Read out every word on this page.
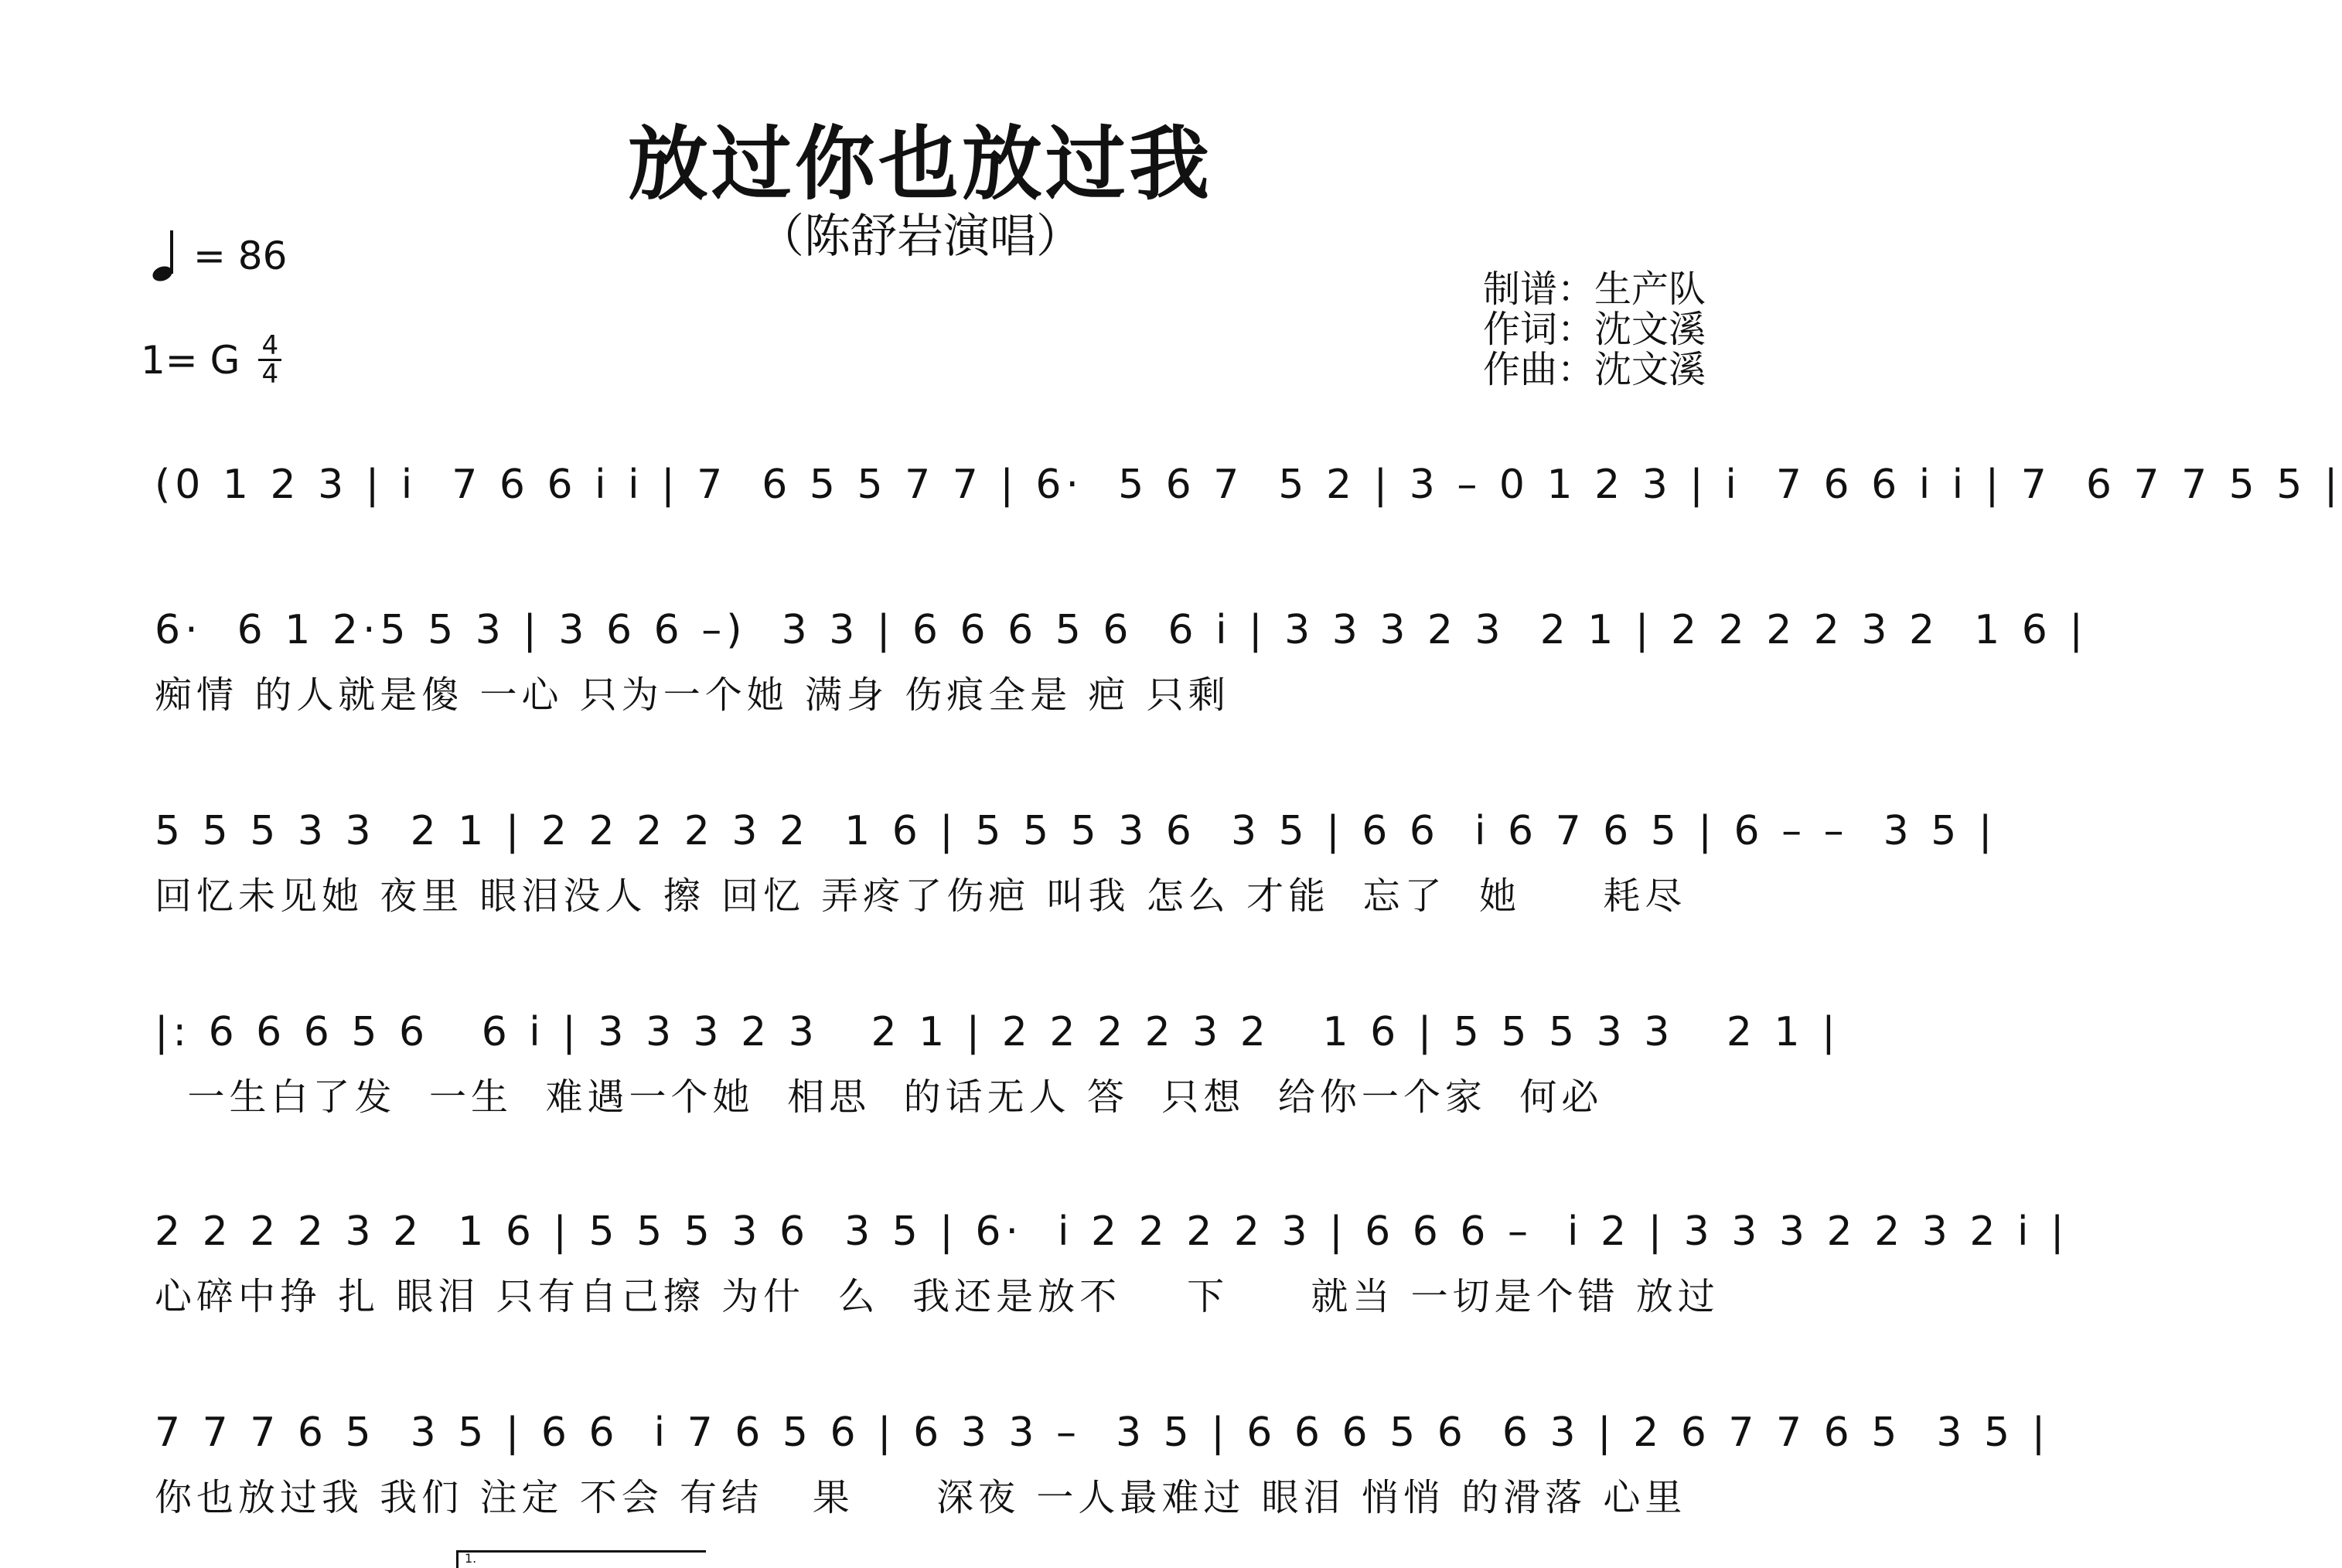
放过你也放过我
（陈舒岩演唱）
= 86
1= G 4
4
制谱：生产队
作词：沈文溪
作曲：沈文溪
(0 1 2 3 | i  7 6 6 i i | 7  6 5 5 7 7 | 6·  5 6 7  5 2 | 3 – 0 1 2 3 | i  7 6 6 i i | 7  6 7 7 5 5 |
6·  6 1 2·5 5 3 | 3 6 6 –)  3 3 | 6 6 6 5 6  6 i | 3 3 3 2 3  2 1 | 2 2 2 2 3 2  1 6 |
痴情 的人就是傻 一心 只为一个她 满身 伤痕全是 疤 只剩
5 5 5 3 3  2 1 | 2 2 2 2 3 2  1 6 | 5 5 5 3 6  3 5 | 6 6  i 6 7 6 5 | 6 – –  3 5 |
回忆未见她 夜里 眼泪没人 擦 回忆 弄疼了伤疤 叫我 怎么 才能  忘了  她     耗尽
|: 6 6 6 5 6   6 i | 3 3 3 2 3   2 1 | 2 2 2 2 3 2   1 6 | 5 5 5 3 3   2 1 |
一生白了发  一生  难遇一个她  相思  的话无人 答  只想  给你一个家  何必
2 2 2 2 3 2  1 6 | 5 5 5 3 6  3 5 | 6·  i 2 2 2 2 3 | 6 6 6 –  i 2 | 3 3 3 2 2 3 2 i |
心碎中挣 扎 眼泪 只有自己擦 为什  么  我还是放不    下     就当 一切是个错 放过
7 7 7 6 5  3 5 | 6 6  i 7 6 5 6 | 6 3 3 –  3 5 | 6 6 6 5 6  6 3 | 2 6 7 7 6 5  3 5 |
你也放过我 我们 注定 不会 有结   果     深夜 一人最难过 眼泪 悄悄 的滑落 心里
1.
